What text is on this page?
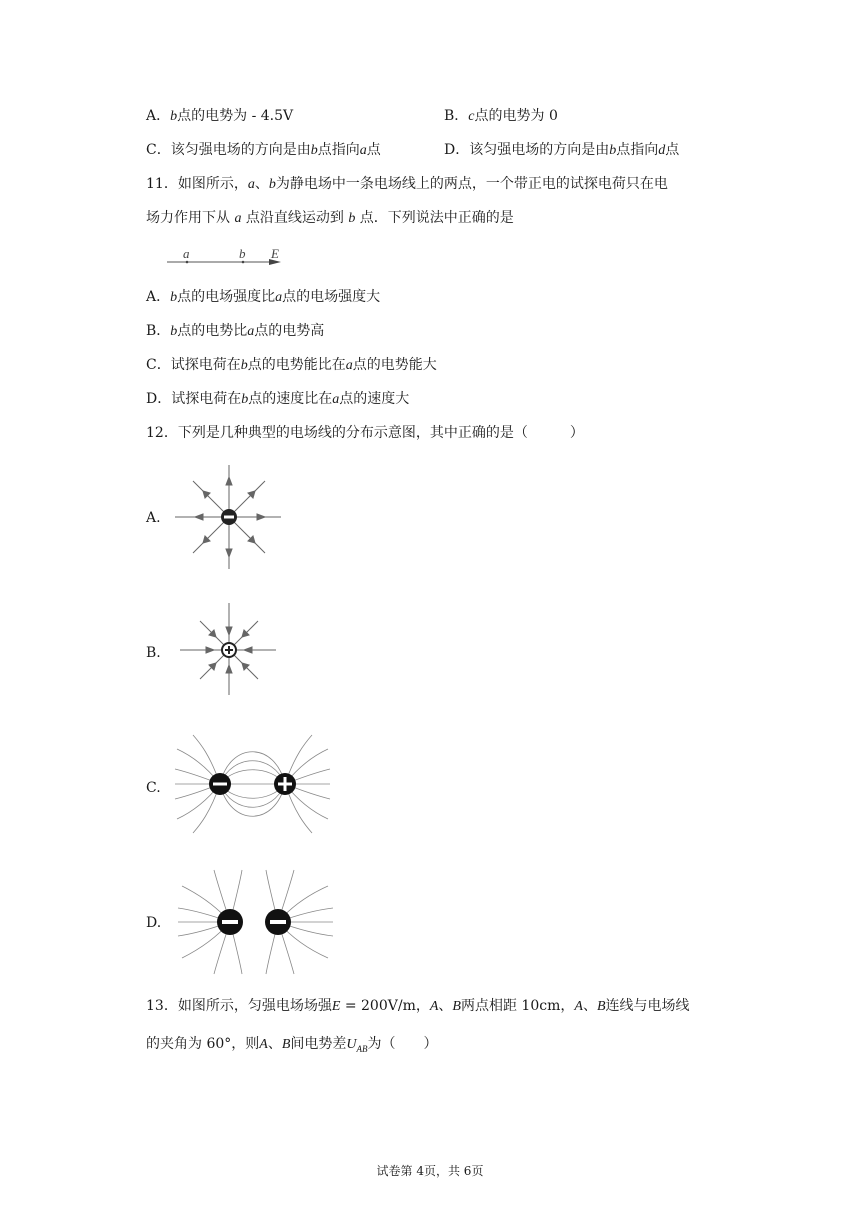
A．b点的电势为 - 4.5V	B．c点的电势为 0
C．该匀强电场的方向是由b点指向a点	D．该匀强电场的方向是由b点指向d点
11．如图所示，a、b为静电场中一条电场线上的两点，一个带正电的试探电荷只在电
场力作用下从 a 点沿直线运动到 b 点．下列说法中正确的是
a	b E
A．b点的电场强度比a点的电场强度大
B．b点的电势比a点的电势高
C．试探电荷在b点的电势能比在a点的电势能大
D．试探电荷在b点的速度比在a点的速度大
12．下列是几种典型的电场线的分布示意图，其中正确的是（　　　）
A.
B.
C.
D.
13．如图所示，匀强电场场强E = 200V/m，A、B两点相距 10cm，A、B连线与电场线
的夹角为 60°，则A、B间电势差$U_{AB}$为（　　）
试卷第 4页，共 6页
